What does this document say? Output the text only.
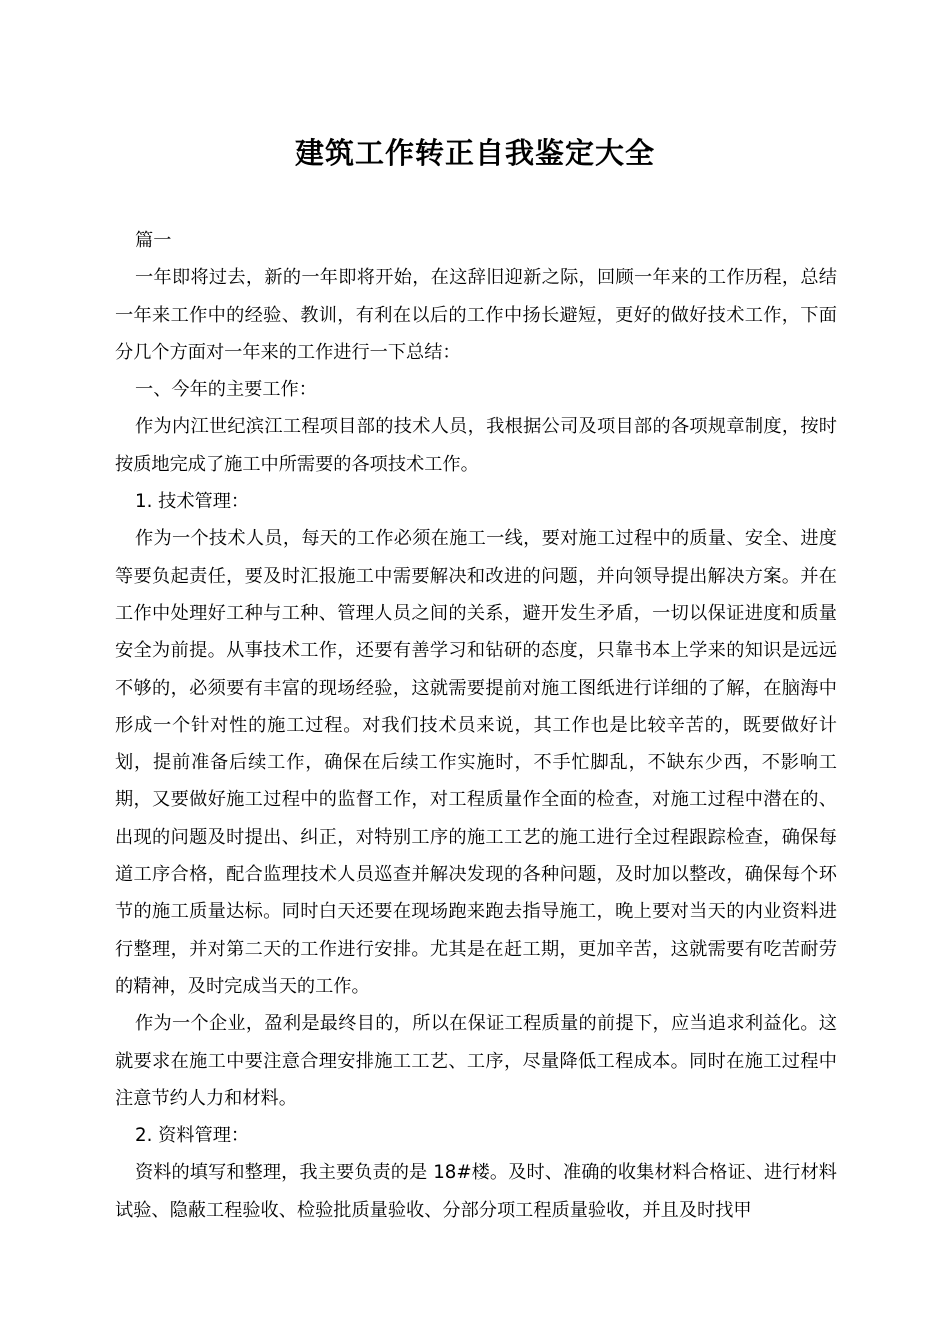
建筑工作转正自我鉴定大全

篇一

一年即将过去，新的一年即将开始，在这辞旧迎新之际，回顾一年来的工作历程，总结一年来工作中的经验、教训，有利在以后的工作中扬长避短，更好的做好技术工作，下面分几个方面对一年来的工作进行一下总结：

一、今年的主要工作：

作为内江世纪滨江工程项目部的技术人员，我根据公司及项目部的各项规章制度，按时按质地完成了施工中所需要的各项技术工作。

1. 技术管理：

作为一个技术人员，每天的工作必须在施工一线，要对施工过程中的质量、安全、进度等要负起责任，要及时汇报施工中需要解决和改进的问题，并向领导提出解决方案。并在工作中处理好工种与工种、管理人员之间的关系，避开发生矛盾，一切以保证进度和质量安全为前提。从事技术工作，还要有善学习和钻研的态度，只靠书本上学来的知识是远远不够的，必须要有丰富的现场经验，这就需要提前对施工图纸进行详细的了解，在脑海中形成一个针对性的施工过程。对我们技术员来说，其工作也是比较辛苦的，既要做好计划，提前准备后续工作，确保在后续工作实施时，不手忙脚乱，不缺东少西，不影响工期，又要做好施工过程中的监督工作，对工程质量作全面的检查，对施工过程中潜在的、出现的问题及时提出、纠正，对特别工序的施工工艺的施工进行全过程跟踪检查，确保每道工序合格，配合监理技术人员巡查并解决发现的各种问题，及时加以整改，确保每个环节的施工质量达标。同时白天还要在现场跑来跑去指导施工，晚上要对当天的内业资料进行整理，并对第二天的工作进行安排。尤其是在赶工期，更加辛苦，这就需要有吃苦耐劳的精神，及时完成当天的工作。

作为一个企业，盈利是最终目的，所以在保证工程质量的前提下，应当追求利益化。这就要求在施工中要注意合理安排施工工艺、工序，尽量降低工程成本。同时在施工过程中注意节约人力和材料。

2. 资料管理：

资料的填写和整理，我主要负责的是 18#楼。及时、准确的收集材料合格证、进行材料试验、隐蔽工程验收、检验批质量验收、分部分项工程质量验收，并且及时找甲
